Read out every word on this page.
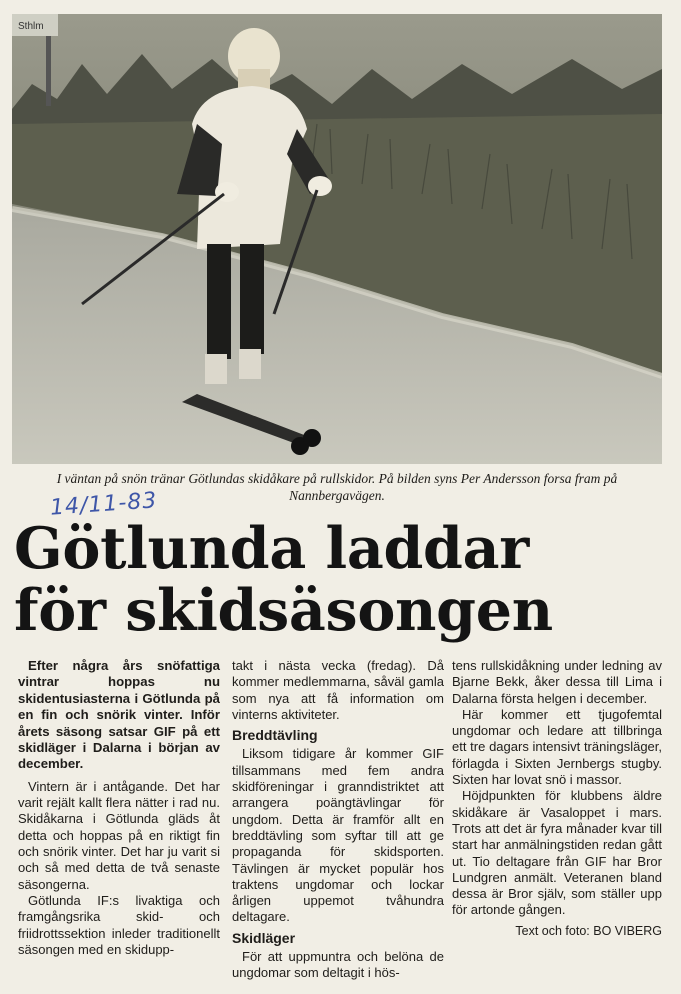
Sthlm
I väntan på snön tränar Götlundas skidåkare på rullskidor. På bilden syns Per Andersson forsa fram på Nannbergavägen.
14/11-83
Götlunda laddar
för skidsäsongen

Efter några års snöfattiga vintrar hoppas nu skidentusiasterna i Götlunda på en fin och snörik vinter. Inför årets säsong satsar GIF på ett skidläger i Dalarna i början av december.

Vintern är i antågande. Det har varit rejält kallt flera nätter i rad nu. Skidåkarna i Götlunda gläds åt detta och hoppas på en riktigt fin och snörik vinter. Det har ju varit si och så med detta de två senaste säsongerna.

Götlunda IF:s livaktiga och framgångsrika skid- och friidrottssektion inleder traditionellt säsongen med en skidupp-

takt i nästa vecka (fredag). Då kommer medlemmarna, såväl gamla som nya att få information om vinterns aktiviteter.

Breddtävling

Liksom tidigare år kommer GIF tillsammans med fem andra skidföreningar i granndistriktet att arrangera poängtävlingar för ungdom. Detta är framför allt en breddtävling som syftar till att ge propaganda för skidsporten. Tävlingen är mycket populär hos traktens ungdomar och lockar årligen uppemot tvåhundra deltagare.

Skidläger

För att uppmuntra och belöna de ungdomar som deltagit i hös-

tens rullskidåkning under ledning av Bjarne Bekk, åker dessa till Lima i Dalarna första helgen i december.

Här kommer ett tjugofemtal ungdomar och ledare att tillbringa ett tre dagars intensivt träningsläger, förlagda i Sixten Jernbergs stugby. Sixten har lovat snö i massor.

Höjdpunkten för klubbens äldre skidåkare är Vasaloppet i mars. Trots att det är fyra månader kvar till start har anmälningstiden redan gått ut. Tio deltagare från GIF har Bror Lundgren anmält. Veteranen bland dessa är Bror själv, som ställer upp för artonde gången.

Text och foto: BO VIBERG
